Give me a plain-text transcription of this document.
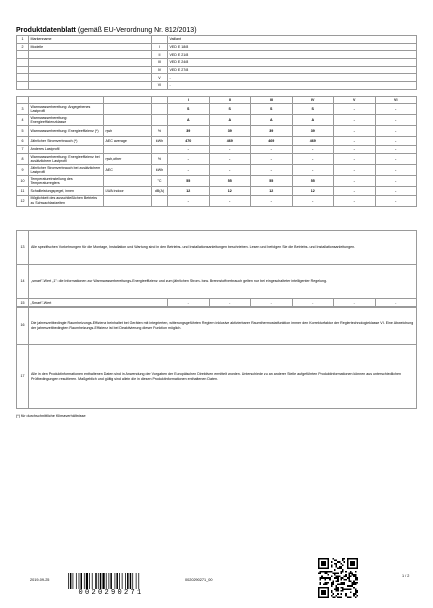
Produktdatenblatt (gemäß EU-Verordnung Nr. 812/2013)
1	Markenname		Vaillant
2	Modelle	I	VED E 18/8
		II	VED E 21/8
		III	VED E 24/8
		IV	VED E 27/8
		V	-
		VI	-
				I	II	III	IV	V	VI
3	Warmwasserbereitung: Angegebenes Lastprofil			S	S	S	S	-	-
4	Warmwasserbereitung: Energieeffizienzklasse			A	A	A	A	-	-
5	Warmwasserbereitung: Energieeffizienz (*)	ηwh	%	39	39	39	39	-	-
6	Jährlicher Stromverbrauch (*)	AEC average	kWh	470	469	469	469	-	-
7	Anderes Lastprofil			-	-	-	-	-	-
8	Warmwasserbereitung: Energieeffizienz bei zusätzlichem Lastprofil	ηwh,other	%	-	-	-	-	-	-
9	Jährlicher Stromverbrauch bei zusätzlichem Lastprofil	AEC	kWh	-	-	-	-	-	-
10	Temperatureinstellung des Temperaturreglers		°C	55	55	55	55	-	-
11	Schallleistungspegel, innen	LWA indoor	dB(A)	12	12	12	12	-	-
12	Möglichkeit des ausschließlichen Betriebs zu Schwachlastzeiten			-	-	-	-	-	-
13	Alle spezifischen Vorkehrungen für die Montage, Installation und Wartung sind in den Betriebs- und Installationsanleitungen beschrieben. Lesen und befolgen Sie die Betriebs- und Installationsanleitungen.
14	„smart"-Wert „1": die Informationen zur Warmwasserbereitungs-Energieeffizienz und zum jährlichen Strom- bzw. Brennstoffverbrauch gelten nur bei eingeschalteter intelligenter Regelung.
15	„Smart"-Wert	-	-	-	-	-	-
16	Die jahreszeitbedingte Raumheizungs-Effizienz beinhaltet bei Geräten mit integrierten, witterungsgeführten Reglern inklusive aktivierbarer Raumthermostatfunktion immer den Korrekturfaktor der Reglertechnologieklasse VI. Eine Abweichung der jahreszeitbedingten Raumheizungs-Effizienz ist bei Deaktivierung dieser Funktion möglich.
17	Alle in den Produktinformationen enthaltenen Daten sind in Anwendung der Vorgaben der Europäischen Direktiven ermittelt worden. Unterschiede zu an anderer Stelle aufgeführten Produktinformationen können aus unterschiedlichen Prüfbedingungen resultieren. Maßgeblich und gültig sind allein die in diesen Produktinformationen enthaltenen Daten.
(*) für durchschnittliche Klimaverhältnisse
2019-09-25
0020290271
0020290271_00
1 / 2
